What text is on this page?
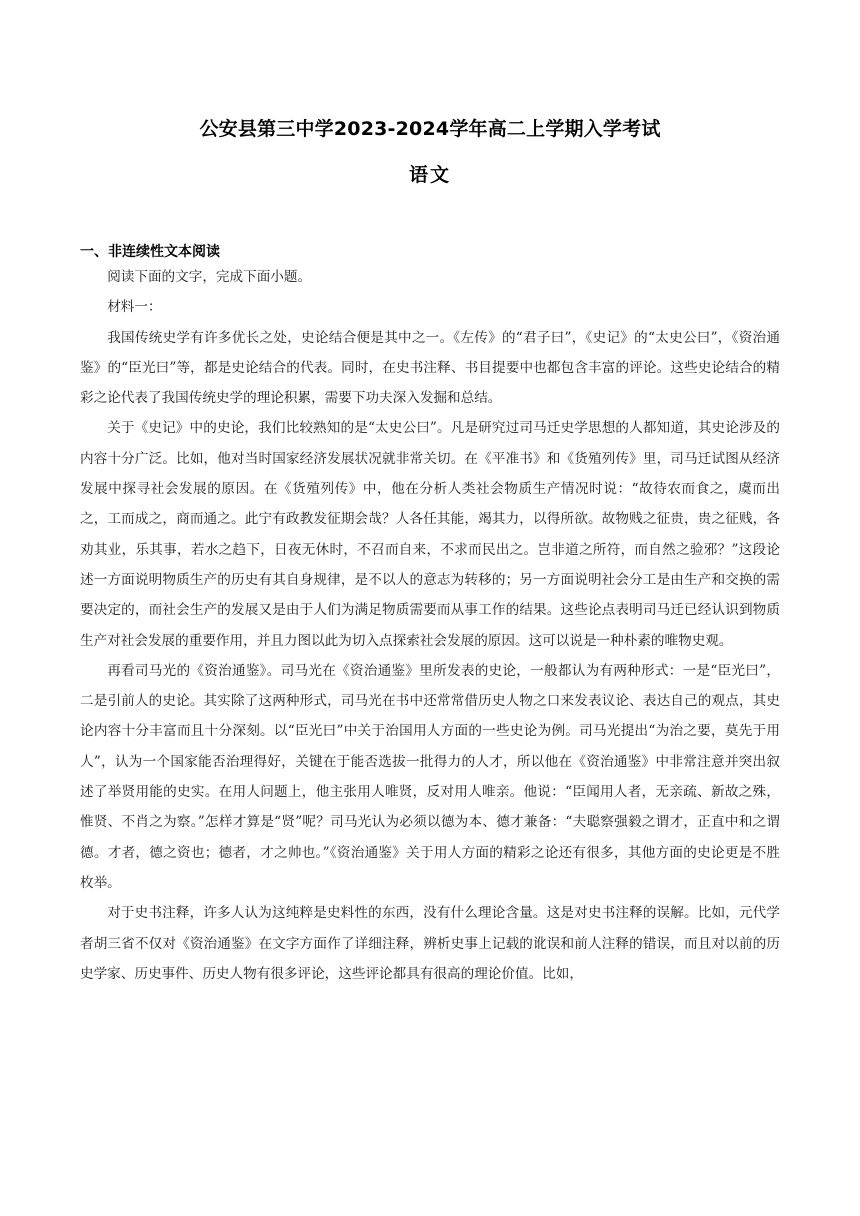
公安县第三中学2023-2024学年高二上学期入学考试
语文
一、非连续性文本阅读

阅读下面的文字，完成下面小题。

材料一：

我国传统史学有许多优长之处，史论结合便是其中之一。《左传》的“君子曰”，《史记》的“太史公曰”，《资治通鉴》的“臣光曰”等，都是史论结合的代表。同时，在史书注释、书目提要中也都包含丰富的评论。这些史论结合的精彩之论代表了我国传统史学的理论积累，需要下功夫深入发掘和总结。

关于《史记》中的史论，我们比较熟知的是“太史公曰”。凡是研究过司马迁史学思想的人都知道，其史论涉及的内容十分广泛。比如，他对当时国家经济发展状况就非常关切。在《平准书》和《货殖列传》里，司马迁试图从经济发展中探寻社会发展的原因。在《货殖列传》中，他在分析人类社会物质生产情况时说：“故待农而食之，虞而出之，工而成之，商而通之。此宁有政教发征期会哉？人各任其能，竭其力，以得所欲。故物贱之征贵，贵之征贱，各劝其业，乐其事，若水之趋下，日夜无休时，不召而自来，不求而民出之。岂非道之所符，而自然之验邪？”这段论述一方面说明物质生产的历史有其自身规律，是不以人的意志为转移的；另一方面说明社会分工是由生产和交换的需要决定的，而社会生产的发展又是由于人们为满足物质需要而从事工作的结果。这些论点表明司马迁已经认识到物质生产对社会发展的重要作用，并且力图以此为切入点探索社会发展的原因。这可以说是一种朴素的唯物史观。

再看司马光的《资治通鉴》。司马光在《资治通鉴》里所发表的史论，一般都认为有两种形式：一是“臣光曰”，二是引前人的史论。其实除了这两种形式，司马光在书中还常常借历史人物之口来发表议论、表达自己的观点，其史论内容十分丰富而且十分深刻。以“臣光曰”中关于治国用人方面的一些史论为例。司马光提出“为治之要，莫先于用人”，认为一个国家能否治理得好，关键在于能否选拔一批得力的人才，所以他在《资治通鉴》中非常注意并突出叙述了举贤用能的史实。在用人问题上，他主张用人唯贤，反对用人唯亲。他说：“臣闻用人者，无亲疏、新故之殊，惟贤、不肖之为察。”怎样才算是“贤”呢？司马光认为必须以德为本、德才兼备：“夫聪察强毅之谓才，正直中和之谓德。才者，德之资也；德者，才之帅也。”《资治通鉴》关于用人方面的精彩之论还有很多，其他方面的史论更是不胜枚举。

对于史书注释，许多人认为这纯粹是史料性的东西，没有什么理论含量。这是对史书注释的误解。比如，元代学者胡三省不仅对《资治通鉴》在文字方面作了详细注释，辨析史事上记载的讹误和前人注释的错误，而且对以前的历史学家、历史事件、历史人物有很多评论，这些评论都具有很高的理论价值。比如，
